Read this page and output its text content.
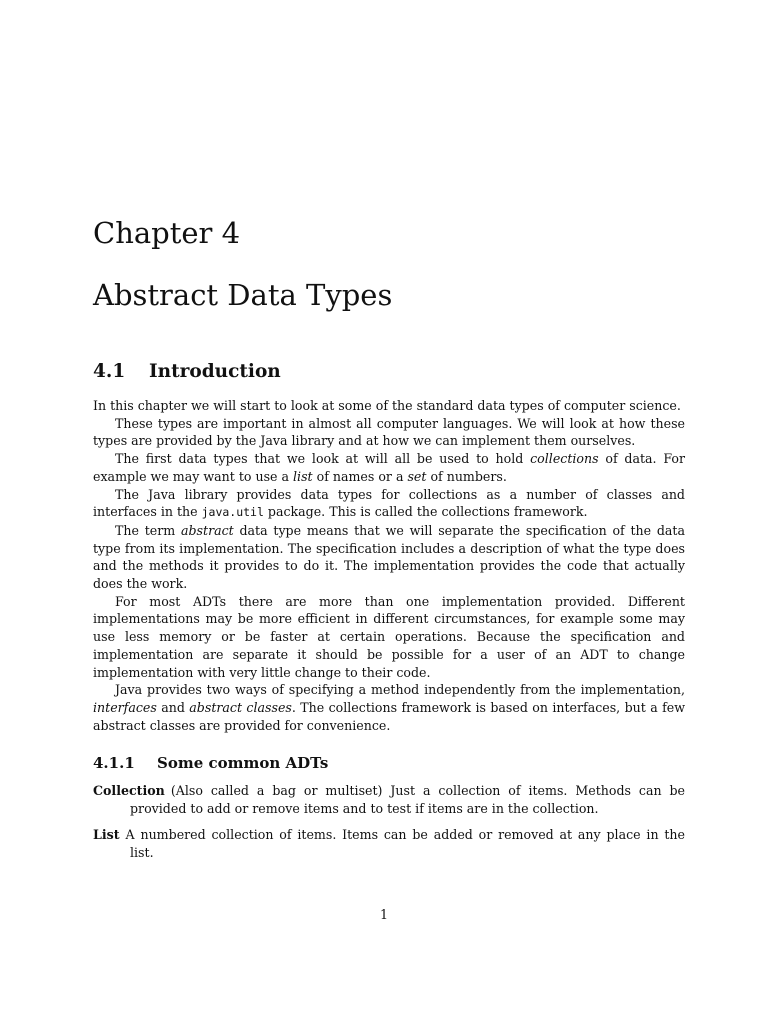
Chapter 4
Abstract Data Types
4.1 Introduction

In this chapter we will start to look at some of the standard data types of computer science.

These types are important in almost all computer languages. We will look at how these types are provided by the Java library and at how we can implement them ourselves.

The first data types that we look at will all be used to hold collections of data. For example we may want to use a list of names or a set of numbers.

The Java library provides data types for collections as a number of classes and interfaces in the java.util package. This is called the collections framework.

The term abstract data type means that we will separate the specification of the data type from its implementation. The specification includes a description of what the type does and the methods it provides to do it. The implementation provides the code that actually does the work.

For most ADTs there are more than one implementation provided. Different implementations may be more efficient in different circumstances, for example some may use less memory or be faster at certain operations. Because the specification and implementation are separate it should be possible for a user of an ADT to change implementation with very little change to their code.

Java provides two ways of specifying a method independently from the implementation, interfaces and abstract classes. The collections framework is based on interfaces, but a few abstract classes are provided for convenience.

4.1.1 Some common ADTs
Collection (Also called a bag or multiset) Just a collection of items. Methods can be provided to add or remove items and to test if items are in the collection.
List A numbered collection of items. Items can be added or removed at any place in the list.
1
